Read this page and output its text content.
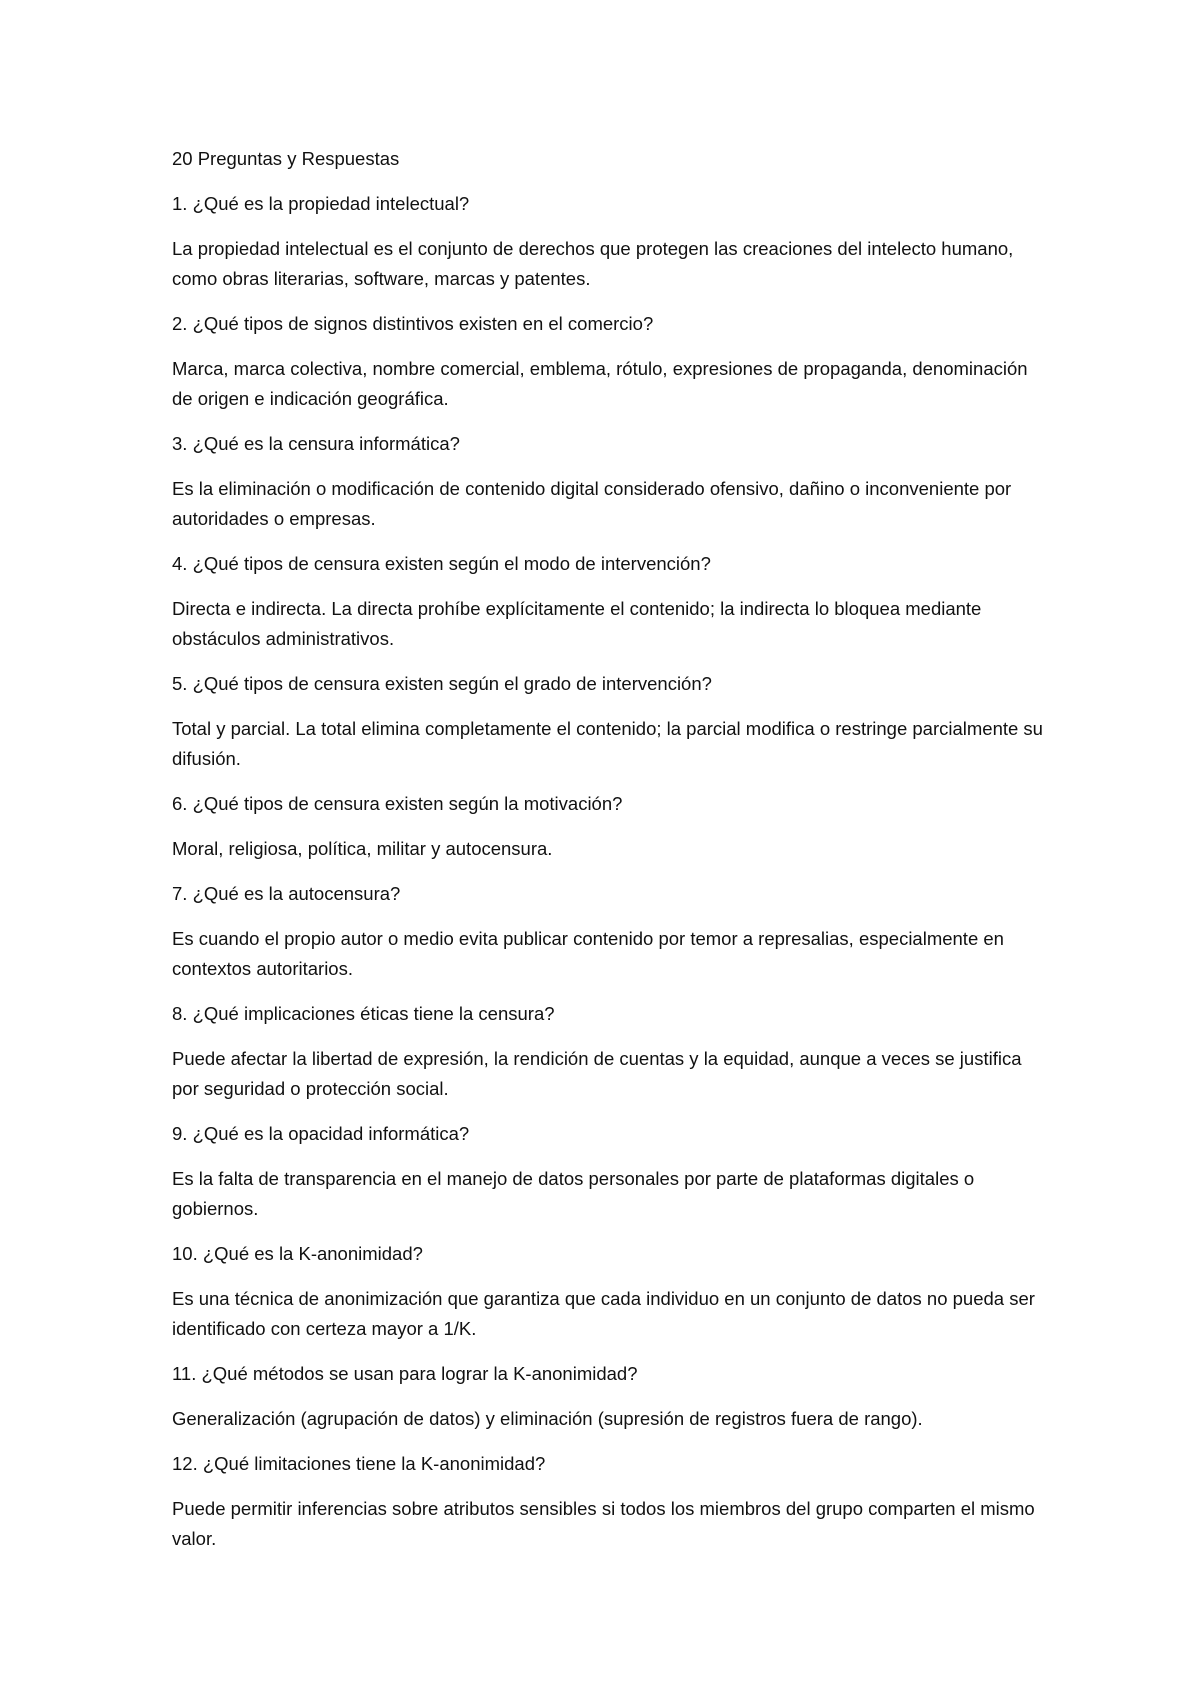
20 Preguntas y Respuestas

1. ¿Qué es la propiedad intelectual?

La propiedad intelectual es el conjunto de derechos que protegen las creaciones del intelecto humano, como obras literarias, software, marcas y patentes.

2. ¿Qué tipos de signos distintivos existen en el comercio?

Marca, marca colectiva, nombre comercial, emblema, rótulo, expresiones de propaganda, denominación de origen e indicación geográfica.

3. ¿Qué es la censura informática?

Es la eliminación o modificación de contenido digital considerado ofensivo, dañino o inconveniente por autoridades o empresas.

4. ¿Qué tipos de censura existen según el modo de intervención?

Directa e indirecta. La directa prohíbe explícitamente el contenido; la indirecta lo bloquea mediante obstáculos administrativos.

5. ¿Qué tipos de censura existen según el grado de intervención?

Total y parcial. La total elimina completamente el contenido; la parcial modifica o restringe parcialmente su difusión.

6. ¿Qué tipos de censura existen según la motivación?

Moral, religiosa, política, militar y autocensura.

7. ¿Qué es la autocensura?

Es cuando el propio autor o medio evita publicar contenido por temor a represalias, especialmente en contextos autoritarios.

8. ¿Qué implicaciones éticas tiene la censura?

Puede afectar la libertad de expresión, la rendición de cuentas y la equidad, aunque a veces se justifica por seguridad o protección social.

9. ¿Qué es la opacidad informática?

Es la falta de transparencia en el manejo de datos personales por parte de plataformas digitales o gobiernos.

10. ¿Qué es la K-anonimidad?

Es una técnica de anonimización que garantiza que cada individuo en un conjunto de datos no pueda ser identificado con certeza mayor a 1/K.

11. ¿Qué métodos se usan para lograr la K-anonimidad?

Generalización (agrupación de datos) y eliminación (supresión de registros fuera de rango).

12. ¿Qué limitaciones tiene la K-anonimidad?

Puede permitir inferencias sobre atributos sensibles si todos los miembros del grupo comparten el mismo valor.
